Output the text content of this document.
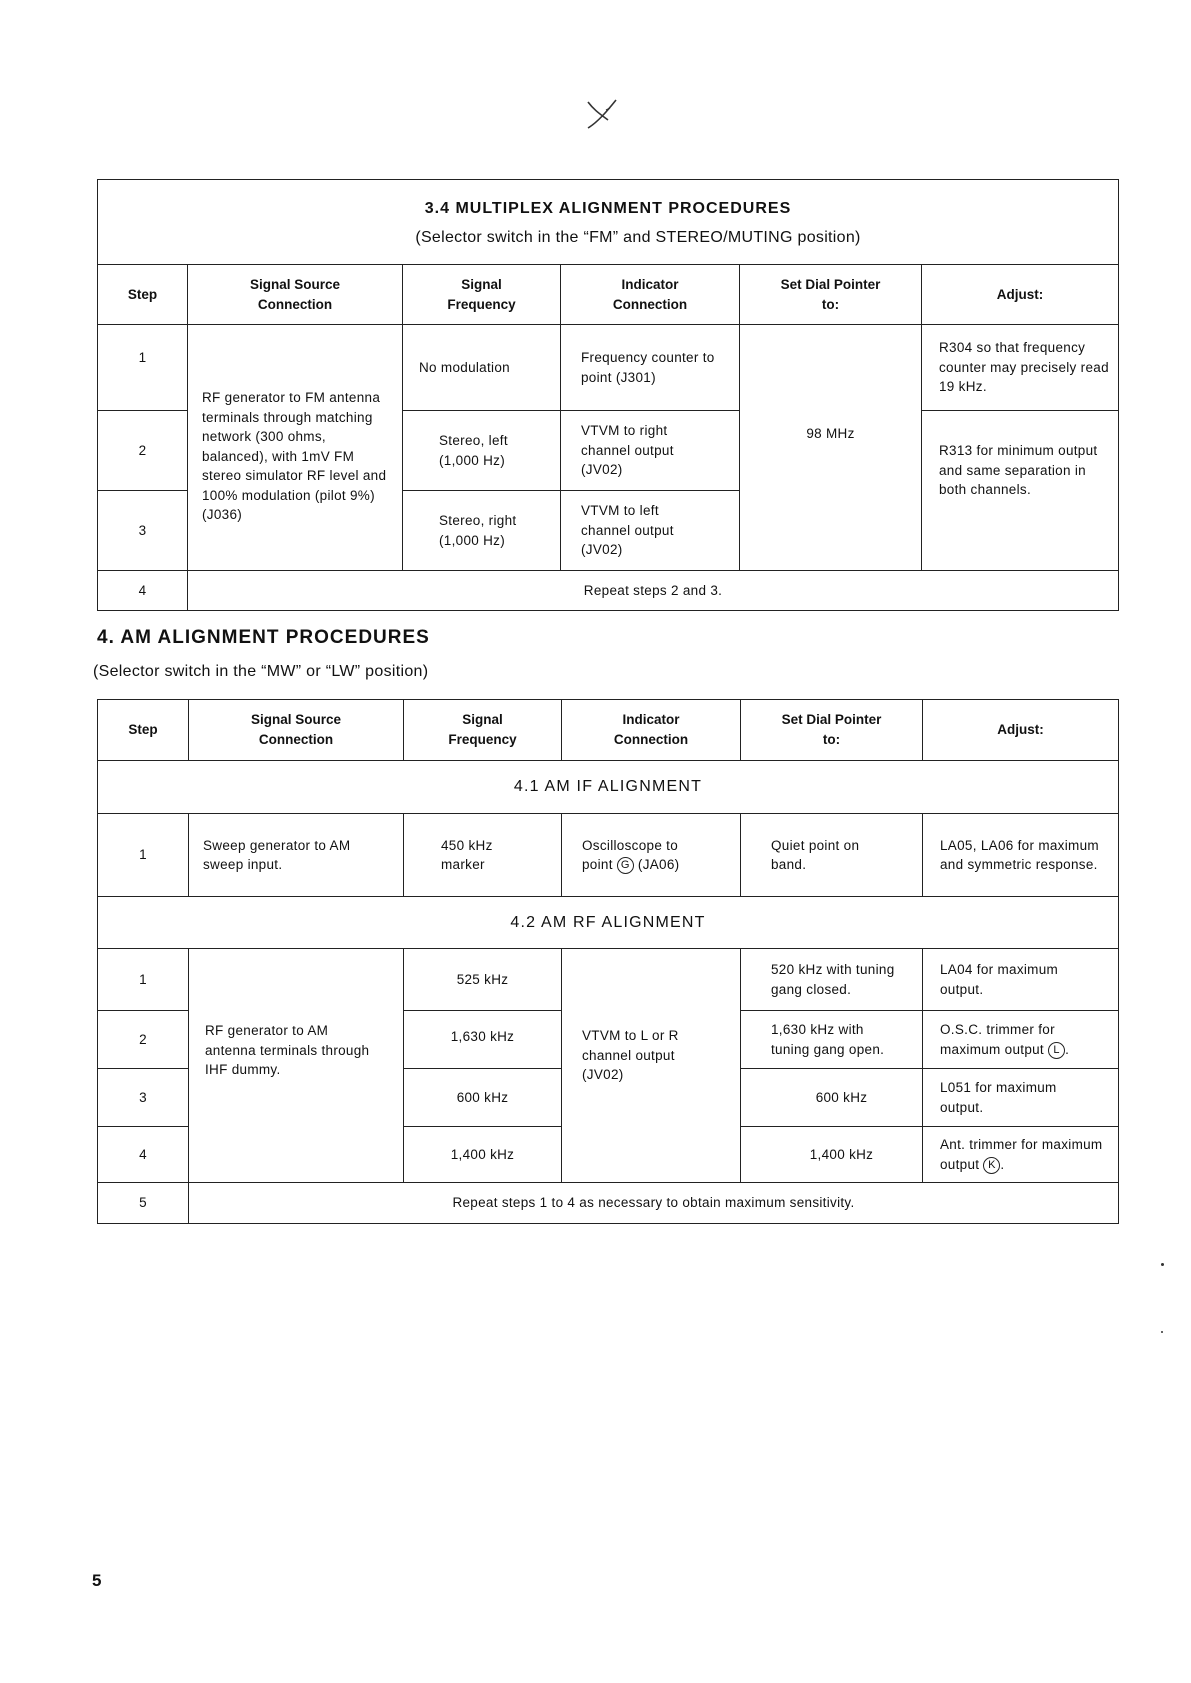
3.4 MULTIPLEX ALIGNMENT PROCEDURES
(Selector switch in the “FM” and STEREO/MUTING position)					

Step	Signal Source Connection	Signal Frequency	Indicator Connection	Set Dial Pointer to:	Adjust:
1	RF generator to FM antenna terminals through matching network (300 ohms, balanced), with 1mV FM stereo simulator RF level and 100% modulation (pilot 9%) (J036)	No modulation	Frequency counter to point (J301)	98 MHz	R304 so that frequency counter may precisely read 19 kHz.
2		Stereo, left (1,000 Hz)	VTVM to right channel output (JV02)		R313 for minimum output and same separation in both channels.
3		Stereo, right (1,000 Hz)	VTVM to left channel output (JV02)		

4	Repeat steps 2 and 3.				
4. AM ALIGNMENT PROCEDURES
(Selector switch in the “MW” or “LW” position)
Step	Signal Source Connection	Signal Frequency	Indicator Connection	Set Dial Pointer to:	Adjust:
4.1 AM IF ALIGNMENT					
1	Sweep generator to AM sweep input.	450 kHz marker	Oscilloscope to point G (JA06)	Quiet point on band.	LA05, LA06 for maximum and symmetric response.
4.2 AM RF ALIGNMENT					
1	RF generator to AM antenna terminals through IHF dummy.	525 kHz	VTVM to L or R channel output (JV02)	520 kHz with tuning gang closed.	LA04 for maximum output.

2		1,630 kHz		1,630 kHz with tuning gang open.	O.S.C. trimmer for maximum output L .

3		600 kHz		600 kHz	L051 for maximum output.

4		1,400 kHz		1,400 kHz	Ant. trimmer for maximum output K .

5	Repeat steps 1 to 4 as necessary to obtain maximum sensitivity.				
5
